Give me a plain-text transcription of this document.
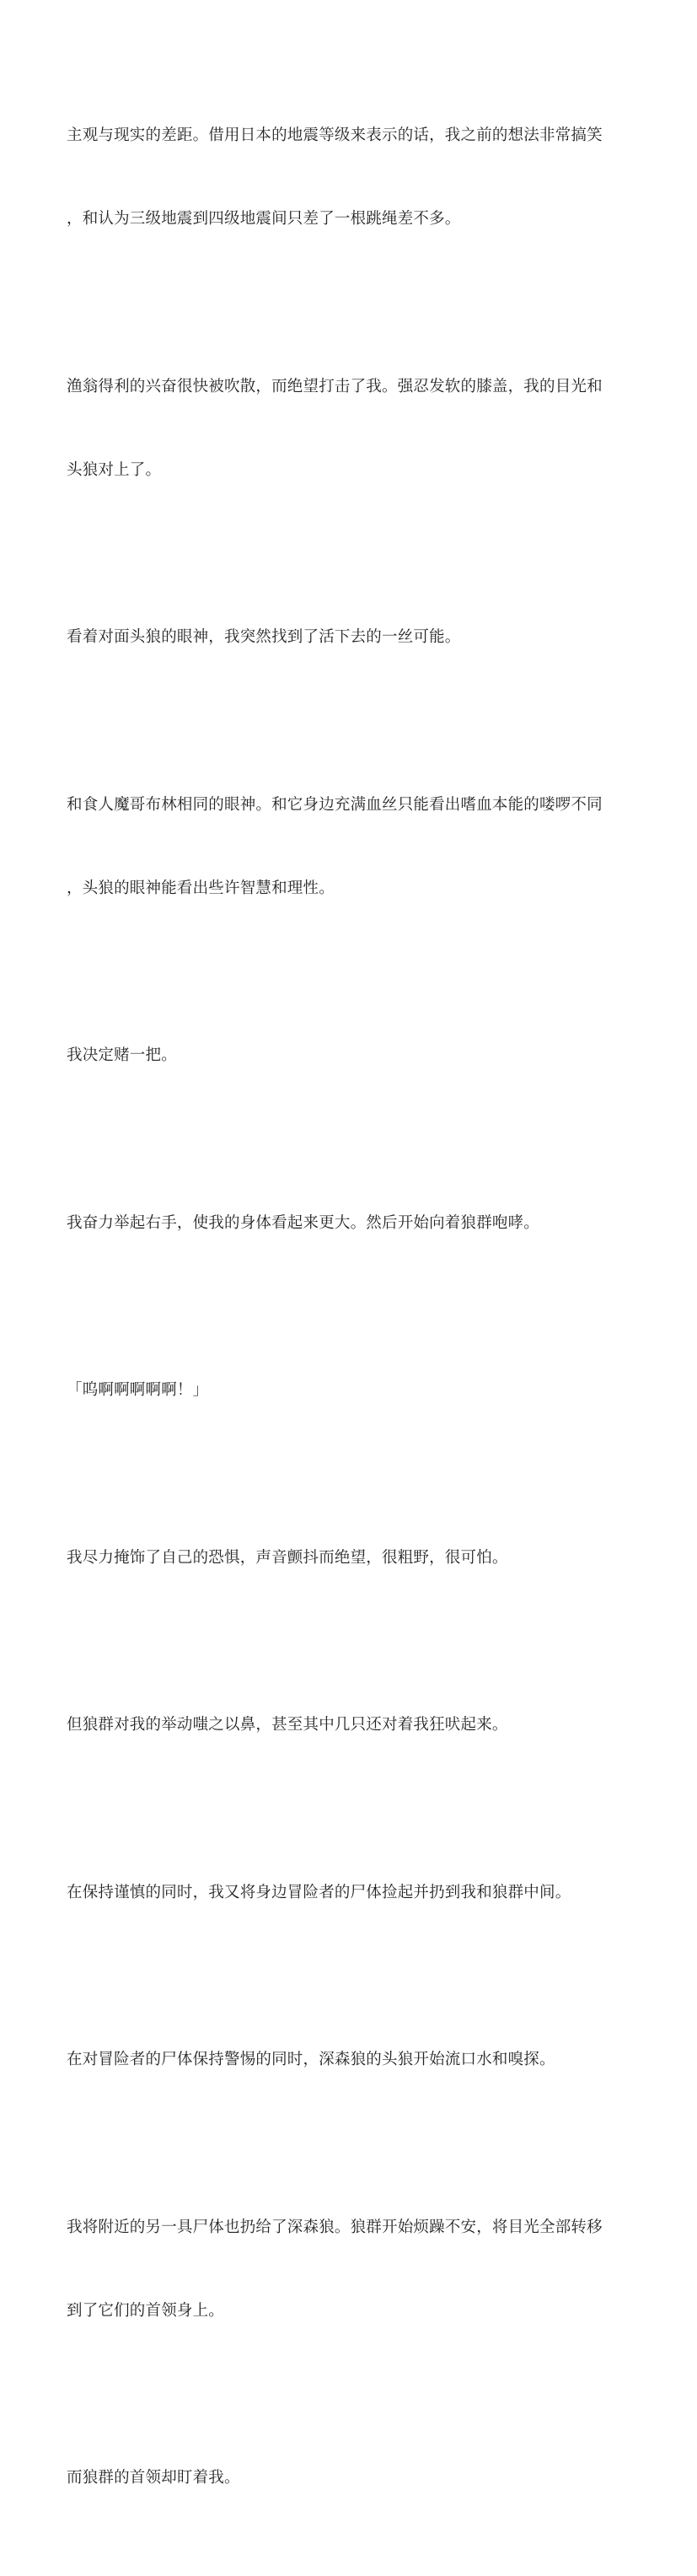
主观与现实的差距。借用日本的地震等级来表示的话，我之前的想法非常搞笑

，和认为三级地震到四级地震间只差了一根跳绳差不多。

渔翁得利的兴奋很快被吹散，而绝望打击了我。强忍发软的膝盖，我的目光和

头狼对上了。

看着对面头狼的眼神，我突然找到了活下去的一丝可能。

和食人魔哥布林相同的眼神。和它身边充满血丝只能看出嗜血本能的喽啰不同

，头狼的眼神能看出些许智慧和理性。

我决定赌一把。

我奋力举起右手，使我的身体看起来更大。然后开始向着狼群咆哮。

「呜啊啊啊啊啊！」

我尽力掩饰了自己的恐惧，声音颤抖而绝望，很粗野，很可怕。

但狼群对我的举动嗤之以鼻，甚至其中几只还对着我狂吠起来。

在保持谨慎的同时，我又将身边冒险者的尸体捡起并扔到我和狼群中间。

在对冒险者的尸体保持警惕的同时，深森狼的头狼开始流口水和嗅探。

我将附近的另一具尸体也扔给了深森狼。狼群开始烦躁不安，将目光全部转移

到了它们的首领身上。

而狼群的首领却盯着我。
